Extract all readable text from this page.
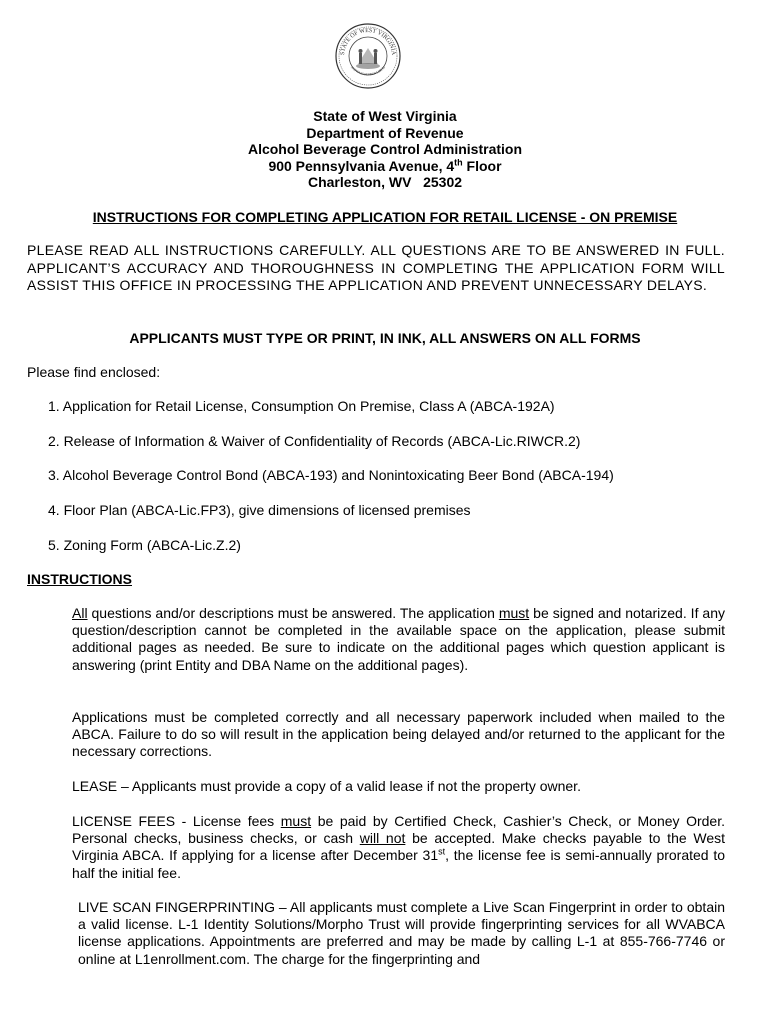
STATE OF WEST VIRGINIA
MONTANI SEMPER LIBERI
State of West Virginia
Department of Revenue
Alcohol Beverage Control Administration
900 Pennsylvania Avenue, 4th Floor
Charleston, WV   25302
INSTRUCTIONS FOR COMPLETING APPLICATION FOR RETAIL LICENSE - ON PREMISE
PLEASE READ ALL INSTRUCTIONS CAREFULLY. ALL QUESTIONS ARE TO BE ANSWERED IN FULL. APPLICANT’S ACCURACY AND THOROUGHNESS IN COMPLETING THE APPLICATION FORM WILL ASSIST THIS OFFICE IN PROCESSING THE APPLICATION AND PREVENT UNNECESSARY DELAYS.
APPLICANTS MUST TYPE OR PRINT, IN INK, ALL ANSWERS ON ALL FORMS
Please find enclosed:
1. Application for Retail License, Consumption On Premise, Class A (ABCA-192A)
2. Release of Information & Waiver of Confidentiality of Records (ABCA-Lic.RIWCR.2)
3. Alcohol Beverage Control Bond (ABCA-193) and Nonintoxicating Beer Bond (ABCA-194)
4. Floor Plan (ABCA-Lic.FP3), give dimensions of licensed premises
5. Zoning Form (ABCA-Lic.Z.2)
INSTRUCTIONS
All questions and/or descriptions must be answered. The application must be signed and notarized. If any question/description cannot be completed in the available space on the application, please submit additional pages as needed. Be sure to indicate on the additional pages which question applicant is answering (print Entity and DBA Name on the additional pages).
Applications must be completed correctly and all necessary paperwork included when mailed to the ABCA. Failure to do so will result in the application being delayed and/or returned to the applicant for the necessary corrections.
LEASE – Applicants must provide a copy of a valid lease if not the property owner.
LICENSE FEES - License fees must be paid by Certified Check, Cashier’s Check, or Money Order. Personal checks, business checks, or cash will not be accepted. Make checks payable to the West Virginia ABCA. If applying for a license after December 31st, the license fee is semi-annually prorated to half the initial fee.
LIVE SCAN FINGERPRINTING – All applicants must complete a Live Scan Fingerprint in order to obtain a valid license. L-1 Identity Solutions/Morpho Trust will provide fingerprinting services for all WVABCA license applications. Appointments are preferred and may be made by calling L-1 at 855-766-7746 or online at L1enrollment.com. The charge for the fingerprinting and
